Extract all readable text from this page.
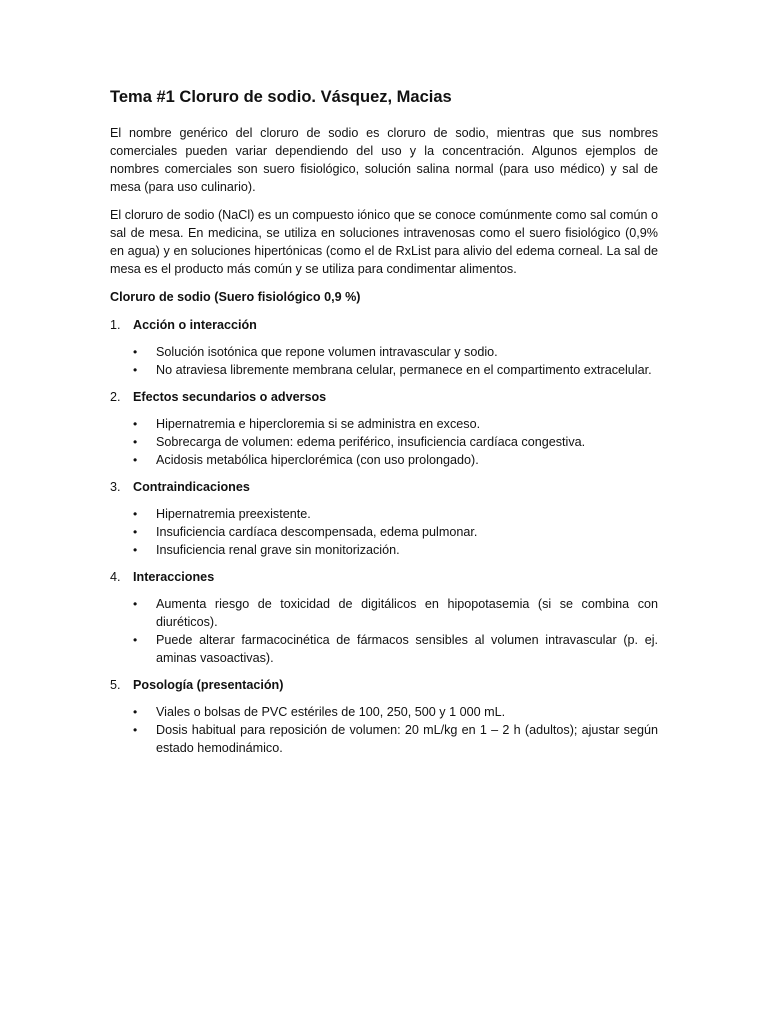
Tema #1 Cloruro de sodio. Vásquez, Macias

El nombre genérico del cloruro de sodio es cloruro de sodio, mientras que sus nombres comerciales pueden variar dependiendo del uso y la concentración. Algunos ejemplos de nombres comerciales son suero fisiológico, solución salina normal (para uso médico) y sal de mesa (para uso culinario).

El cloruro de sodio (NaCl) es un compuesto iónico que se conoce comúnmente como sal común o sal de mesa. En medicina, se utiliza en soluciones intravenosas como el suero fisiológico (0,9% en agua) y en soluciones hipertónicas (como el de RxList para alivio del edema corneal. La sal de mesa es el producto más común y se utiliza para condimentar alimentos.

Cloruro de sodio (Suero fisiológico 0,9 %)

1. Acción o interacción
•	Solución isotónica que repone volumen intravascular y sodio.
•	No atraviesa libremente membrana celular, permanece en el compartimento extracelular.
2. Efectos secundarios o adversos
•	Hipernatremia e hipercloremia si se administra en exceso.
•	Sobrecarga de volumen: edema periférico, insuficiencia cardíaca congestiva.
•	Acidosis metabólica hiperclorémica (con uso prolongado).
3. Contraindicaciones
•	Hipernatremia preexistente.
•	Insuficiencia cardíaca descompensada, edema pulmonar.
•	Insuficiencia renal grave sin monitorización.
4. Interacciones
•	Aumenta riesgo de toxicidad de digitálicos en hipopotasemia (si se combina con diuréticos).
•	Puede alterar farmacocinética de fármacos sensibles al volumen intravascular (p. ej. aminas vasoactivas).
5. Posología (presentación)
•	Viales o bolsas de PVC estériles de 100, 250, 500 y 1 000 mL.
•	Dosis habitual para reposición de volumen: 20 mL/kg en 1 – 2 h (adultos); ajustar según estado hemodinámico.
